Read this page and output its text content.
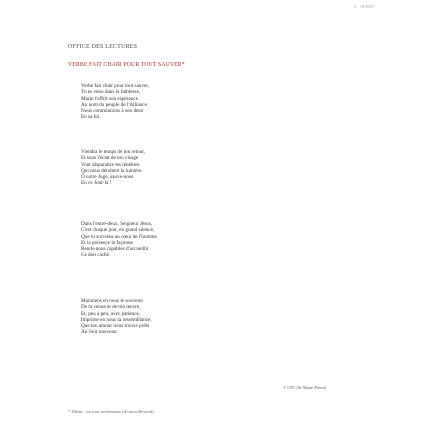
5 · AVENT
OFFICE DES LECTURES
VERBE FAIT CHAIR POUR TOUT SAUVER*
Verbe fait chair pour tout sauver,
Tu es venu dans la faiblesse,
Marie t'offrit son espérance
Au nom du peuple de l'Alliance.
Nous communions à son désir
En sa foi.
Viendra le temps de ton retour,
Et sous l'éclat de ton visage
Vont disparaître les ténèbres
Qui nous dérobent la lumière.
Ô notre Juge, sauve-nous
En ce Jour-là !
Dans l'entre-deux, Seigneur Jésus,
C'est chaque jour, en grand silence,
Que tu surviens au cœur de l'homme
Et ta présence le façonne.
Rends-nous capables d'accueillir
Ce don caché.
Maintiens en nous le souvenir
De ta venue et de ton œuvre,
Et, peu à peu, avec patience,
Imprime en nous ta ressemblance.
Que ton amour nous trouve prêts
Au Jour nouveau.
© CFC (Sr Marie-Pierre)
* Thème : les trois avènements (de saint Bernard).
